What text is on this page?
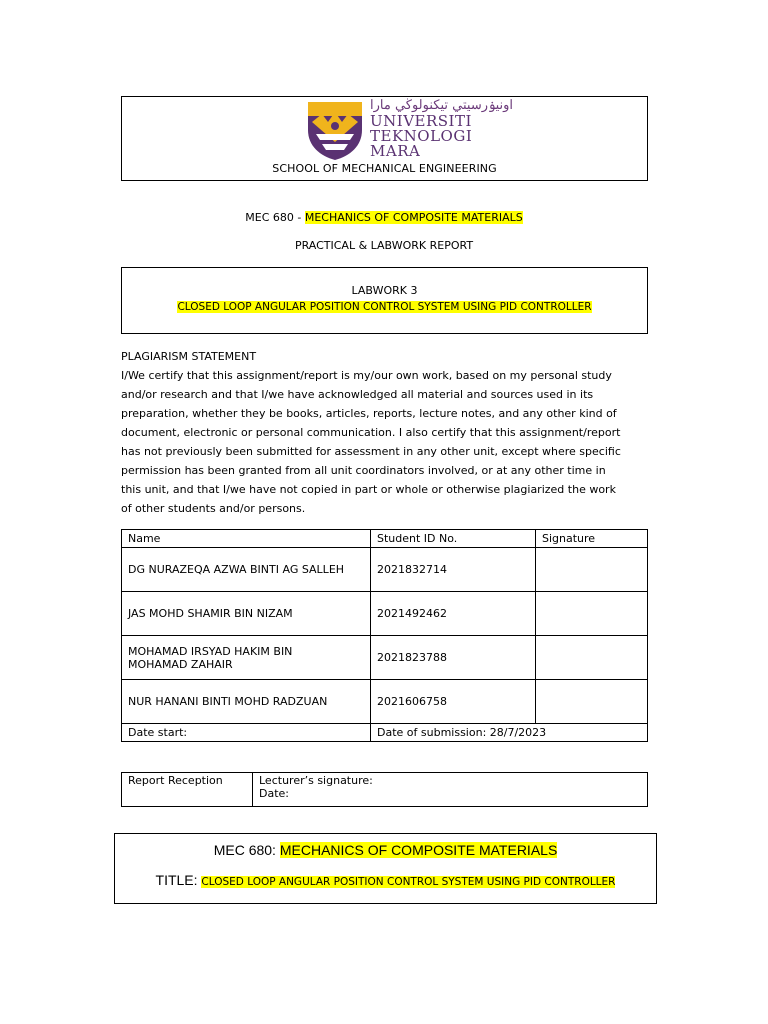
اونيۏرسيتي تيكنولوڬي مارا
UNIVERSITI
TEKNOLOGI
MARA
SCHOOL OF MECHANICAL ENGINEERING
MEC 680 - MECHANICS OF COMPOSITE MATERIALS
PRACTICAL & LABWORK REPORT
LABWORK 3
CLOSED LOOP ANGULAR POSITION CONTROL SYSTEM USING PID CONTROLLER
PLAGIARISM STATEMENT
I/We certify that this assignment/report is my/our own work, based on my personal study
and/or research and that I/we have acknowledged all material and sources used in its
preparation, whether they be books, articles, reports, lecture notes, and any other kind of
document, electronic or personal communication. I also certify that this assignment/report
has not previously been submitted for assessment in any other unit, except where specific
permission has been granted from all unit coordinators involved, or at any other time in
this unit, and that I/we have not copied in part or whole or otherwise plagiarized the work
of other students and/or persons.
Name	Student ID No.	Signature

DG NURAZEQA AZWA BINTI AG SALLEH	2021832714	

JAS MOHD SHAMIR BIN NIZAM	2021492462	

MOHAMAD IRSYAD HAKIM BIN
MOHAMAD ZAHAIR	2021823788	

NUR HANANI BINTI MOHD RADZUAN	2021606758	
Date start:	Date of submission: 28/7/2023	
Report Reception	Lecturer’s signature:
Date:
MEC 680: MECHANICS OF COMPOSITE MATERIALS
TITLE: CLOSED LOOP ANGULAR POSITION CONTROL SYSTEM USING PID CONTROLLER
